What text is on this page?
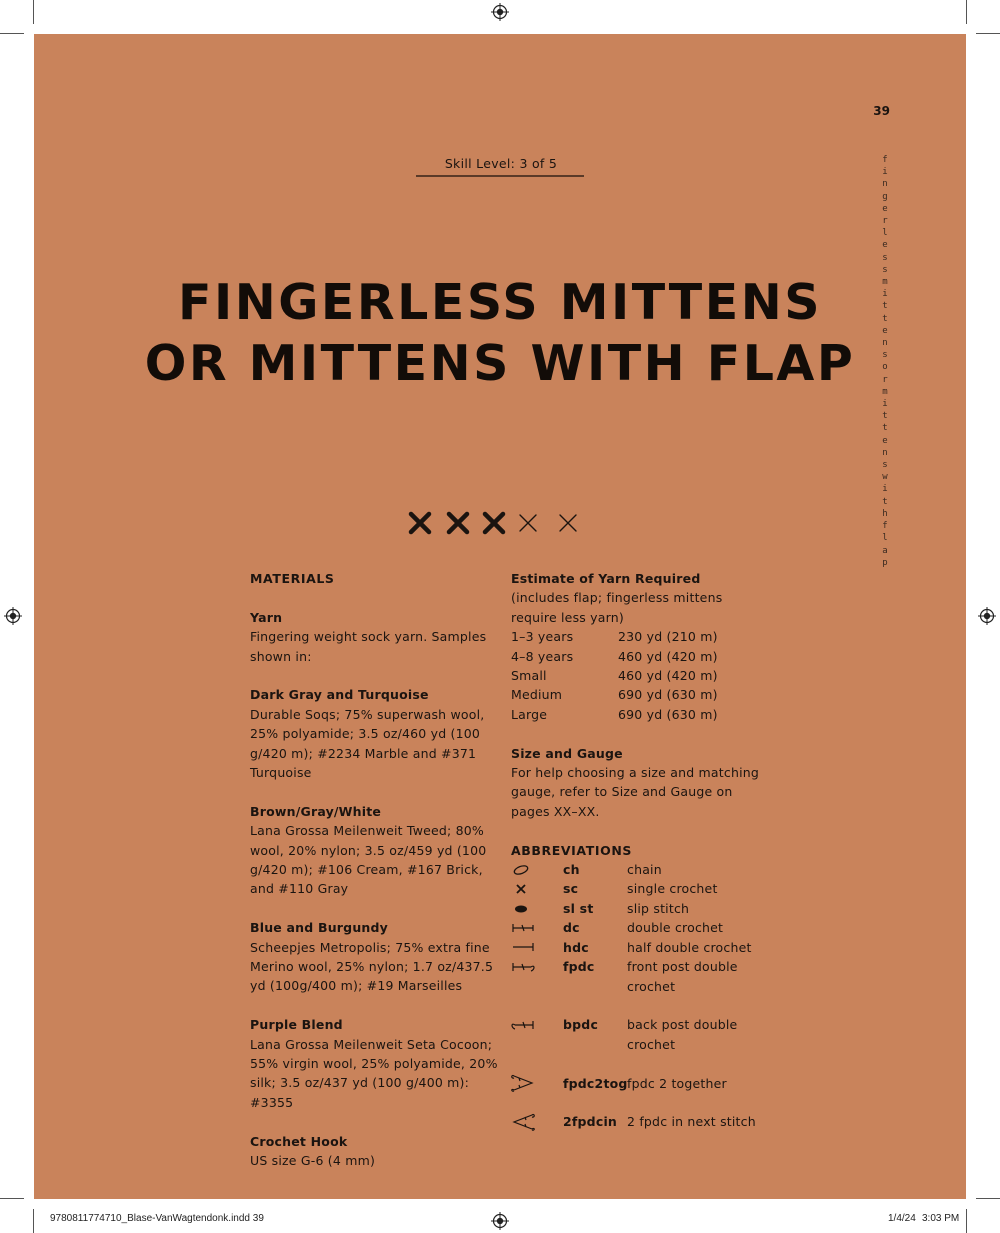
39
fingerless mittens or mittens with flap
Skill Level: 3 of 5
FINGERLESS MITTENS OR MITTENS WITH FLAP

MATERIALS

Yarn

Fingering weight sock yarn. Samples shown in:

Dark Gray and Turquoise

Durable Soqs; 75% superwash wool, 25% polyamide; 3.5 oz/460 yd (100 g/420 m); #2234 Marble and #371 Turquoise

Brown/Gray/White

Lana Grossa Meilenweit Tweed; 80% wool, 20% nylon; 3.5 oz/459 yd (100 g/420 m); #106 Cream, #167 Brick, and #110 Gray

Blue and Burgundy

Scheepjes Metropolis; 75% extra fine Merino wool, 25% nylon; 1.7 oz/437.5 yd (100g/400 m); #19 Marseilles

Purple Blend

Lana Grossa Meilenweit Seta Cocoon; 55% virgin wool, 25% polyamide, 20% silk; 3.5 oz/437 yd (100 g/400 m): #3355

Crochet Hook

US size G-6 (4 mm)

Estimate of Yarn Required

(includes flap; fingerless mittens require less yarn)

1–3 years	230 yd (210 m)
4–8 years	460 yd (420 m)
Small	460 yd (420 m)
Medium	690 yd (630 m)
Large	690 yd (630 m)

Size and Gauge

For help choosing a size and matching gauge, refer to Size and Gauge on pages XX–XX.

ABBREVIATIONS

ch	chain
sc	single crochet
sl st	slip stitch
dc	double crochet
hdc	half double crochet
fpdc	front post double crochet
bpdc	back post double crochet
fpdc2tog fpdc 2 together
2fpdcin 2 fpdc in next stitch
9780811774710_Blase-VanWagtendonk.indd 39	1/4/24 3:03 PM
